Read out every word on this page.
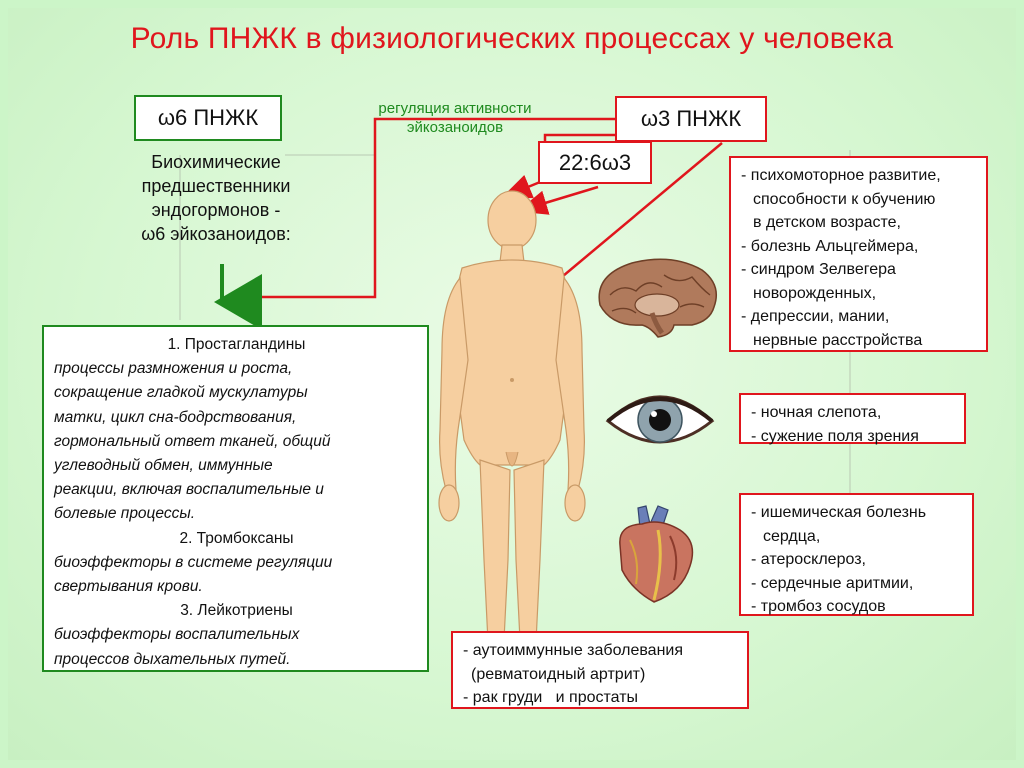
Роль ПНЖК в физиологических процессах у человека
ω6 ПНЖК	регуляция активности
эйкозаноидов	ω3 ПНЖК
22:6ω3
Биохимические
предшественники
эндогормонов -
ω6 эйкозаноидов:
1. Простагландины
процессы размножения и роста,
сокращение гладкой мускулатуры
матки, цикл сна-бодрствования,
гормональный ответ тканей, общий
углеводный обмен, иммунные
реакции, включая воспалительные и
болевые процессы.
2. Тромбоксаны
биоэффекторы в системе регуляции
свертывания крови.
3. Лейкотриены
биоэффекторы воспалительных
процессов дыхательных путей.
- психомоторное развитие,
способности к обучению
в детском возрасте,
- болезнь Альцгеймера,
- синдром Зелвегера
новорожденных,
- депрессии, мании,
нервные расстройства
- ночная слепота,
- сужение поля зрения
- ишемическая болезнь
сердца,
- атеросклероз,
- сердечные аритмии,
- тромбоз сосудов
- аутоиммунные заболевания
(ревматоидный артрит)
- рак груди   и простаты
